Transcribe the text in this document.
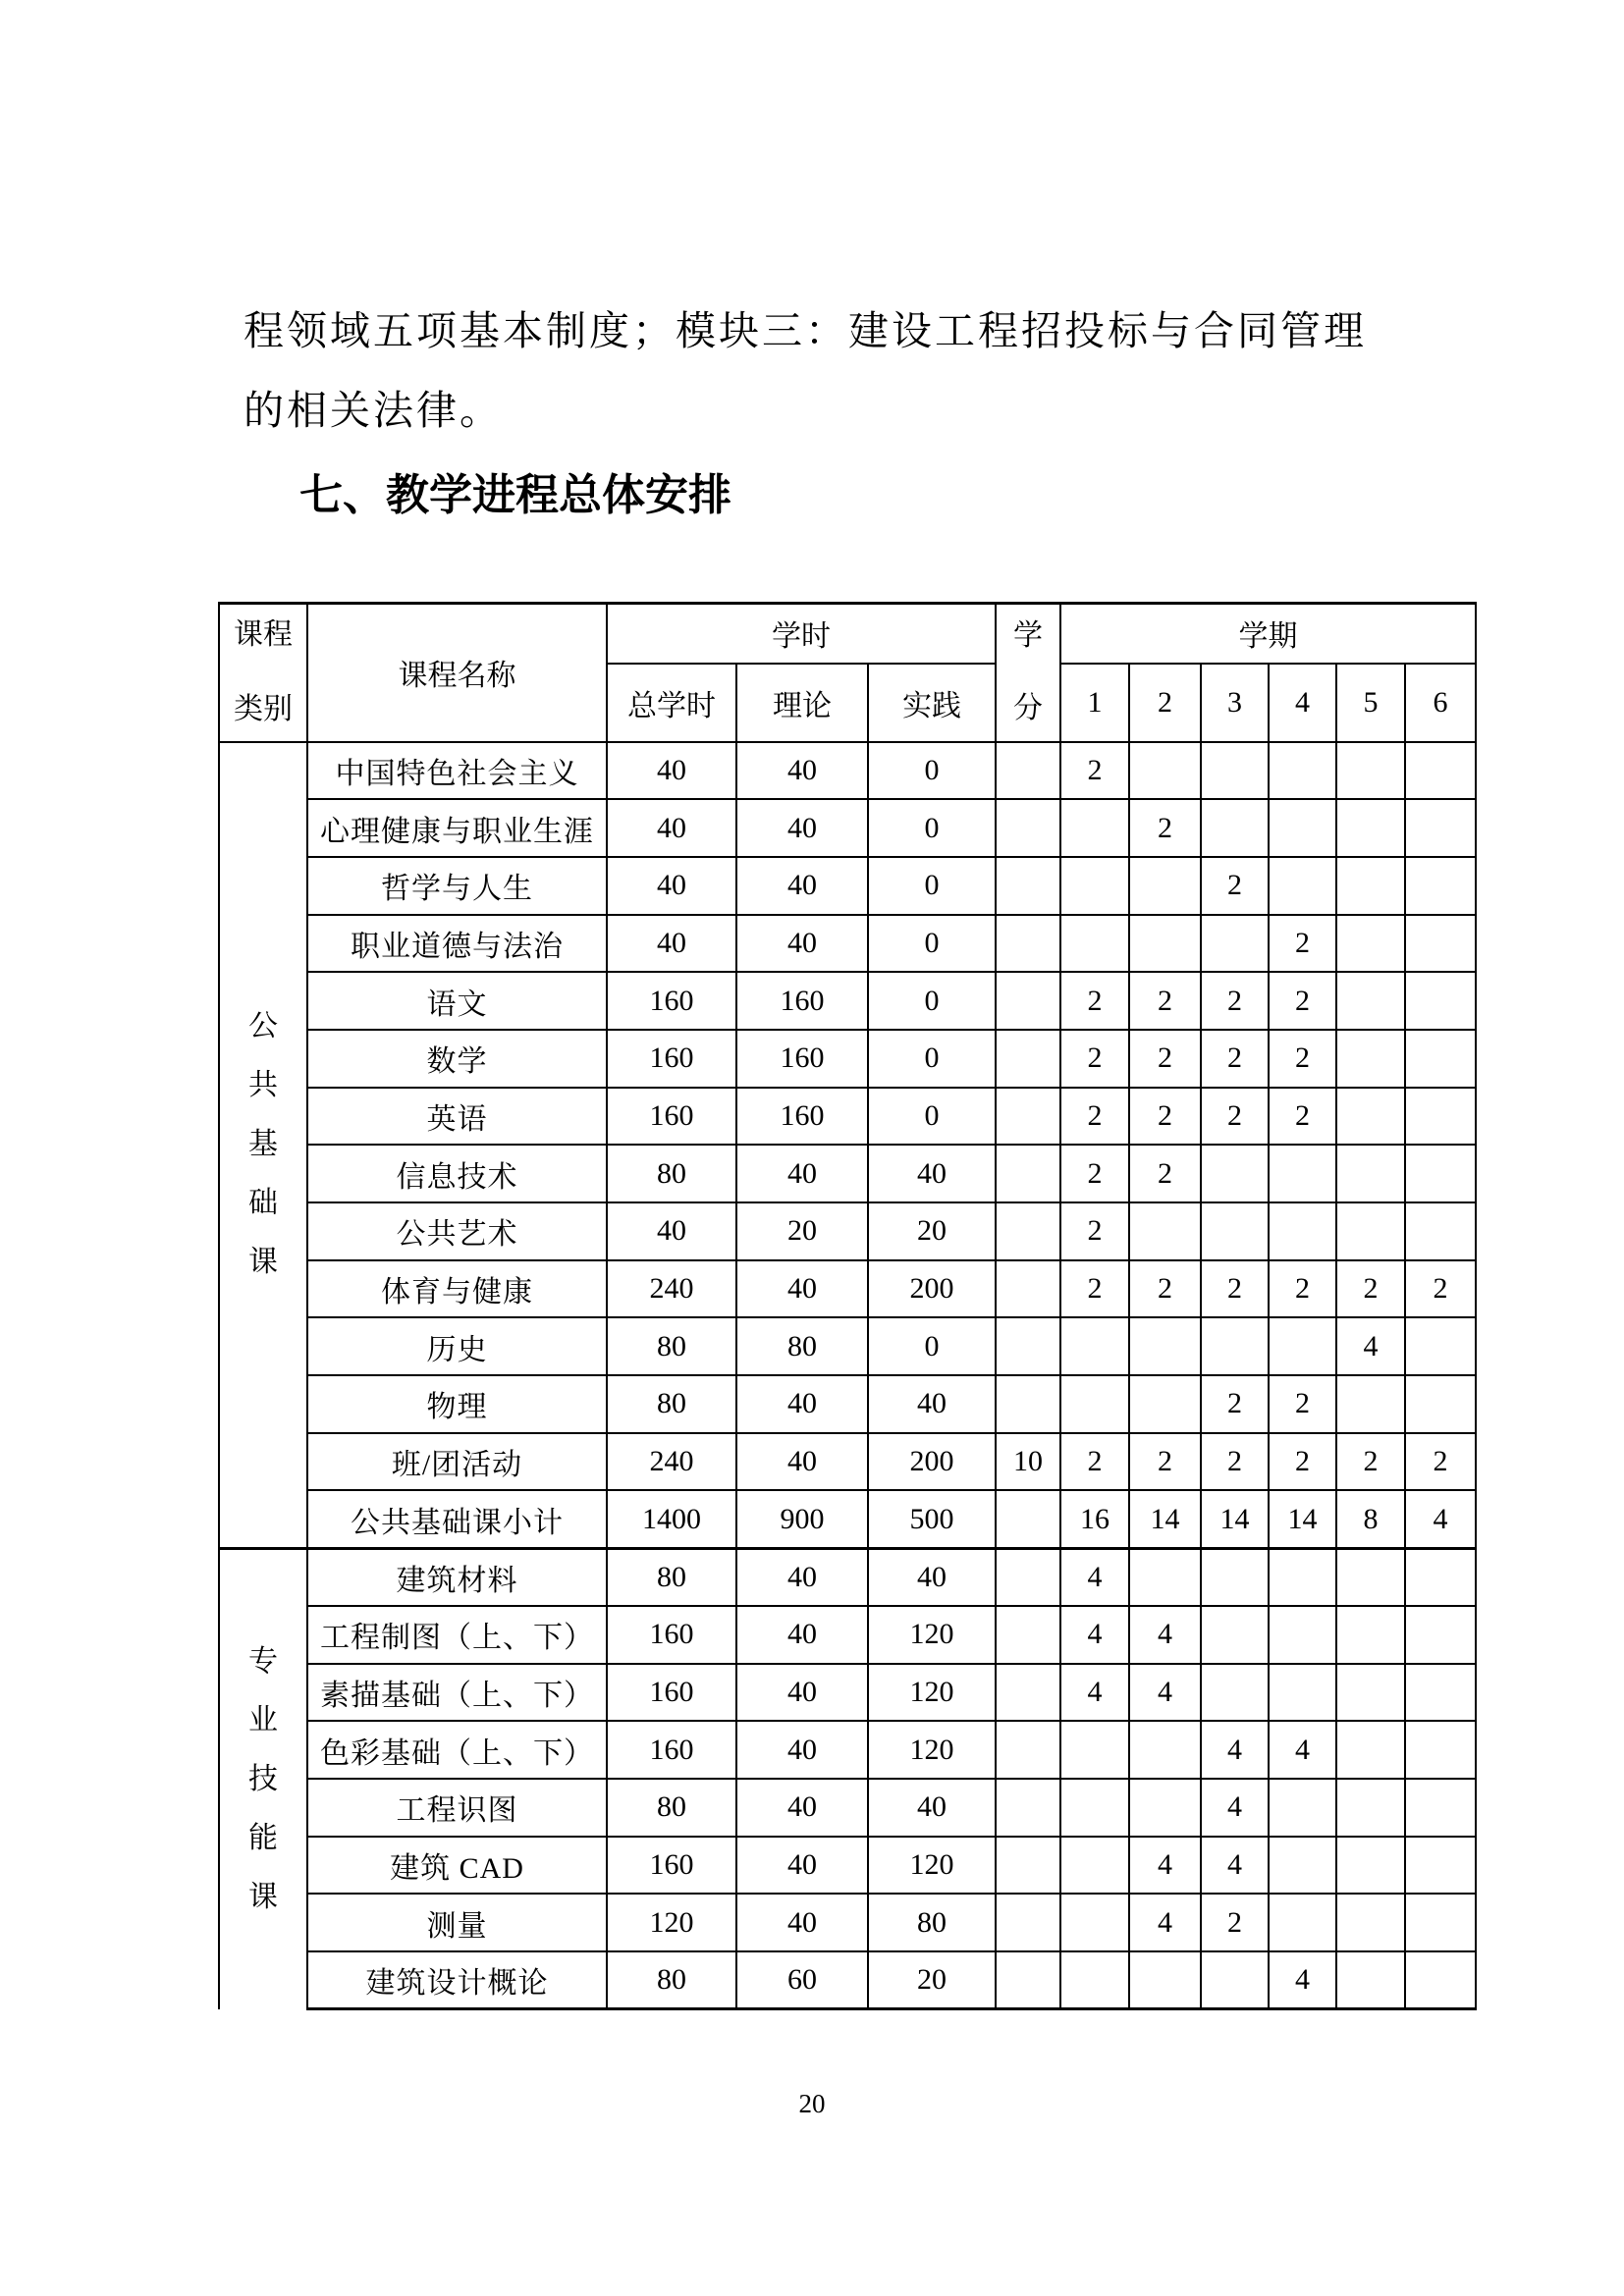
程领域五项基本制度；模块三：建设工程招投标与合同管理
的相关法律。
七、教学进程总体安排
课程
类别	课程名称	学时			学
分	学期					
		总学时	理论	实践		1	2	3	4	5	6

公
共
基
础
课	中国特色社会主义	40	40	0		2					
	心理健康与职业生涯	40	40	0			2				
	哲学与人生	40	40	0				2			
	职业道德与法治	40	40	0					2		
	语文	160	160	0		2	2	2	2		
	数学	160	160	0		2	2	2	2		
	英语	160	160	0		2	2	2	2		
	信息技术	80	40	40		2	2				
	公共艺术	40	20	20		2					
	体育与健康	240	40	200		2	2	2	2	2	2
	历史	80	80	0						4	
	物理	80	40	40				2	2		
	班/团活动	240	40	200	10	2	2	2	2	2	2
	公共基础课小计	1400	900	500		16	14	14	14	8	4

专
业
技
能
课	建筑材料	80	40	40		4					
	工程制图（上、下）	160	40	120		4	4				
	素描基础（上、下）	160	40	120		4	4				
	色彩基础（上、下）	160	40	120				4	4		
	工程识图	80	40	40				4			
	建筑 CAD	160	40	120			4	4			
	测量	120	40	80			4	2			
	建筑设计概论	80	60	20					4		
20
